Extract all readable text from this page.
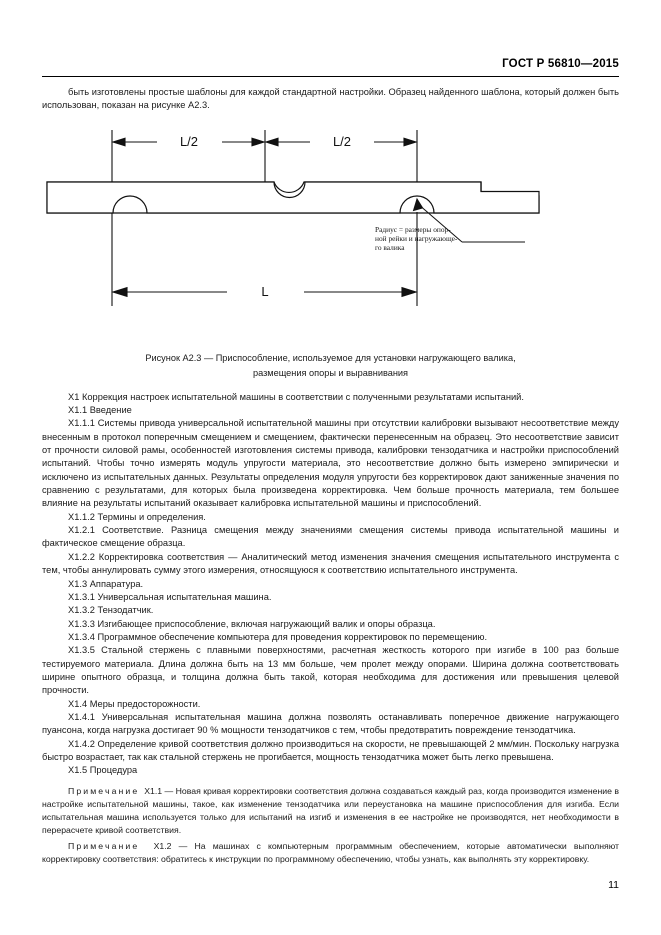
ГОСТ Р 56810—2015

быть изготовлены простые шаблоны для каждой стандартной настройки. Образец найденного шаблона, который должен быть использован, показан на рисунке А2.3.

L/2	L/2
L
Радиус = размеры опор-
ной рейки и нагружающе-
го валика

Рисунок А2.3 — Приспособление, используемое для установки нагружающего валика,

размещения опоры и выравнивания

X1 Коррекция настроек испытательной машины в соответствии с полученными результатами испытаний.

X1.1 Введение

X1.1.1 Системы привода универсальной испытательной машины при отсутствии калибровки вызывают несоответствие между внесенным в протокол поперечным смещением и смещением, фактически перенесенным на образец. Это несоответствие зависит от прочности силовой рамы, особенностей изготовления системы привода, калибровки тензодатчика и настройки приспособлений испытаний. Чтобы точно измерять модуль упругости материала, это несоответствие должно быть измерено эмпирически и исключено из испытательных данных. Результаты определения модуля упругости без корректировок дают заниженные значения по сравнению с результатами, для которых была произведена корректировка. Чем больше прочность материала, тем большее влияние на результаты испытаний оказывает калибровка испытательной машины и приспособлений.

X1.1.2 Термины и определения.

X1.2.1 Соответствие. Разница смещения между значениями смещения системы привода испытательной машины и фактическое смещение образца.

X1.2.2 Корректировка соответствия — Аналитический метод изменения значения смещения испытательного инструмента с тем, чтобы аннулировать сумму этого измерения, относящуюся к соответствию испытательного инструмента.

X1.3 Аппаратура.

X1.3.1 Универсальная испытательная машина.

X1.3.2 Тензодатчик.

X1.3.3 Изгибающее приспособление, включая нагружающий валик и опоры образца.

X1.3.4 Программное обеспечение компьютера для проведения корректировок по перемещению.

X1.3.5 Стальной стержень с плавными поверхностями, расчетная жесткость которого при изгибе в 100 раз больше тестируемого материала. Длина должна быть на 13 мм больше, чем пролет между опорами. Ширина должна соответствовать ширине опытного образца, и толщина должна быть такой, которая необходима для достижения или превышения целевой прочности.

X1.4 Меры предосторожности.

X1.4.1 Универсальная испытательная машина должна позволять останавливать поперечное движение нагружающего пуансона, когда нагрузка достигает 90 % мощности тензодатчиков с тем, чтобы предотвратить повреждение тензодатчика.

X1.4.2 Определение кривой соответствия должно производиться на скорости, не превышающей 2 мм/мин. Поскольку нагрузка быстро возрастает, так как стальной стержень не прогибается, мощность тензодатчика может быть легко превышена.

X1.5 Процедура

Примечание X1.1 — Новая кривая корректировки соответствия должна создаваться каждый раз, когда производится изменение в настройке испытательной машины, такое, как изменение тензодатчика или переустановка на машине приспособления для изгиба. Если испытательная машина используется только для испытаний на изгиб и изменения в ее настройке не производятся, нет необходимости в перерасчете кривой соответствия.

Примечание X1.2 — На машинах с компьютерным программным обеспечением, которые автоматически выполняют корректировку соответствия: обратитесь к инструкции по программному обеспечению, чтобы узнать, как выполнять эту корректировку.

11
